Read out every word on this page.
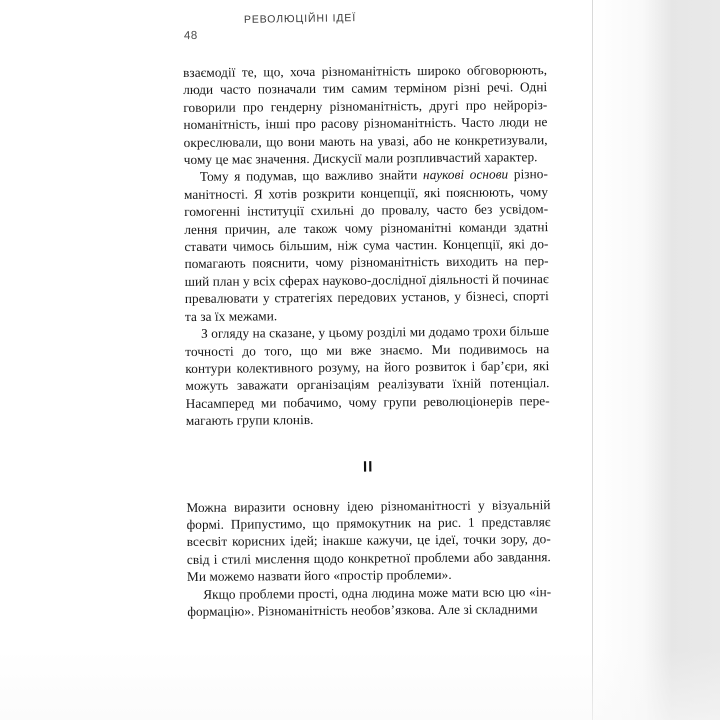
РЕВОЛЮЦІЙНІ ІДЕЇ
48

взаємодії те, що, хоча різноманітність широко обговорюють, люди часто позначали тим самим терміном різні речі. Одні говорили про гендерну різноманітність, другі про нейрорізноманітність, інші про расову різноманітність. Часто люди не окреслювали, що вони мають на увазі, або не конкретизували, чому це має значення. Дискусії мали розпливчастий характер.

Тому я подумав, що важливо знайти наукові основи різноманітності. Я хотів розкрити концепції, які пояснюють, чому гомогенні інституції схильні до провалу, часто без усвідомлення причин, але також чому різноманітні команди здатні ставати чимось більшим, ніж сума частин. Концепції, які допомагають пояснити, чому різноманітність виходить на перший план у всіх сферах науково-дослідної діяльності й починає превалювати у стратегіях передових установ, у бізнесі, спорті та за їх межами.

З огляду на сказане, у цьому розділі ми додамо трохи більше точності до того, що ми вже знаємо. Ми подивимось на контури колективного розуму, на його розвиток і бар’єри, які можуть заважати організаціям реалізувати їхній потенціал. Насамперед ми побачимо, чому групи революціонерів перемагають групи клонів.

II

Можна виразити основну ідею різноманітності у візуальній формі. Припустимо, що прямокутник на рис. 1 представляє всесвіт корисних ідей; інакше кажучи, це ідеї, точки зору, досвід і стилі мислення щодо конкретної проблеми або завдання. Ми можемо назвати його «простір проблеми».

Якщо проблеми прості, одна людина може мати всю цю «інформацію». Різноманітність необов’язкова. Але зі складними
